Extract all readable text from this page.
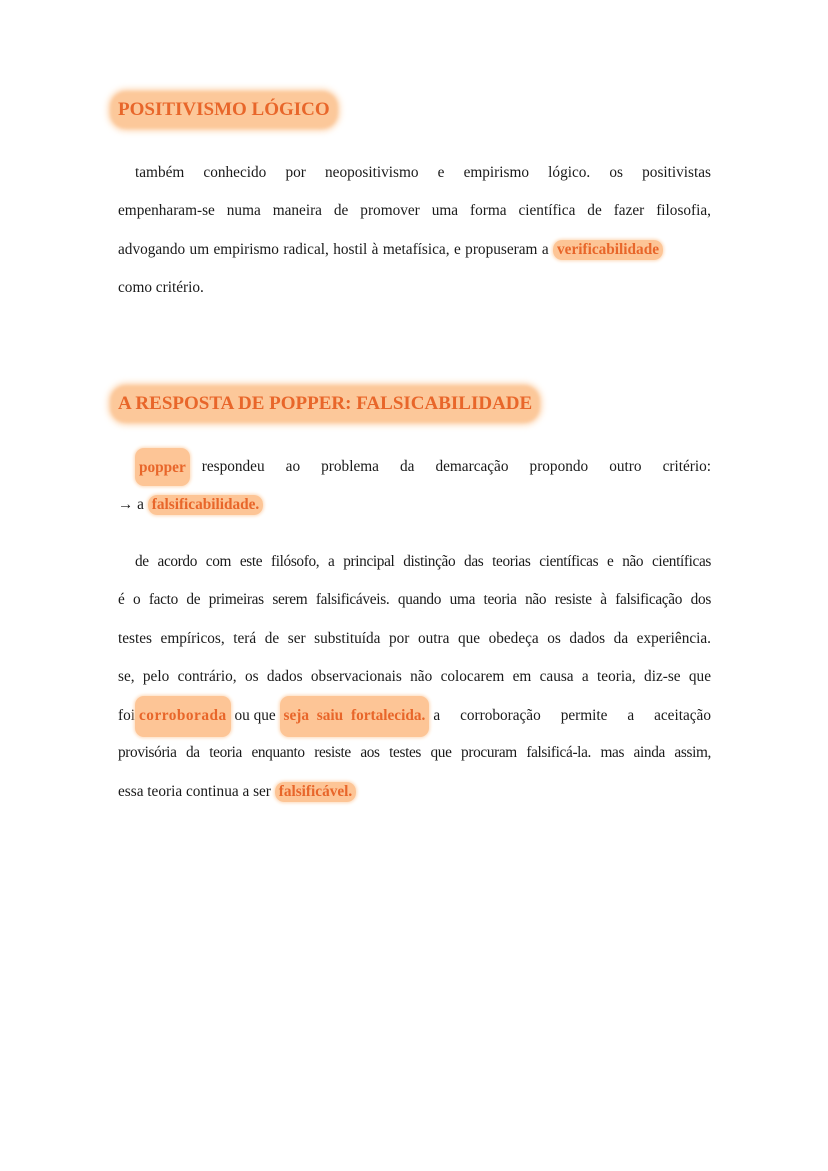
POSITIVISMO LÓGICO
também conhecido por neopositivismo e empirismo lógico. os positivistas
empenharam-se numa maneira de promover uma forma científica de fazer filosofia,
advogando um empirismo radical, hostil à metafísica, e propuseram a verificabilidade
como critério.
A RESPOSTA DE POPPER: FALSICABILIDADE
popper respondeu ao problema da demarcação propondo outro critério:
→ a falsificabilidade.
de acordo com este filósofo, a principal distinção das teorias científicas e não científicas
é o facto de primeiras serem falsificáveis. quando uma teoria não resiste à falsificação dos
testes empíricos, terá de ser substituída por outra que obedeça os dados da experiência.
se, pelo contrário, os dados observacionais não colocarem em causa a teoria, diz-se que
foi corroborada ou que seja saiu fortalecida. a corroboração permite a aceitação
provisória da teoria enquanto resiste aos testes que procuram falsificá-la. mas ainda assim,
essa teoria continua a ser falsificável.
